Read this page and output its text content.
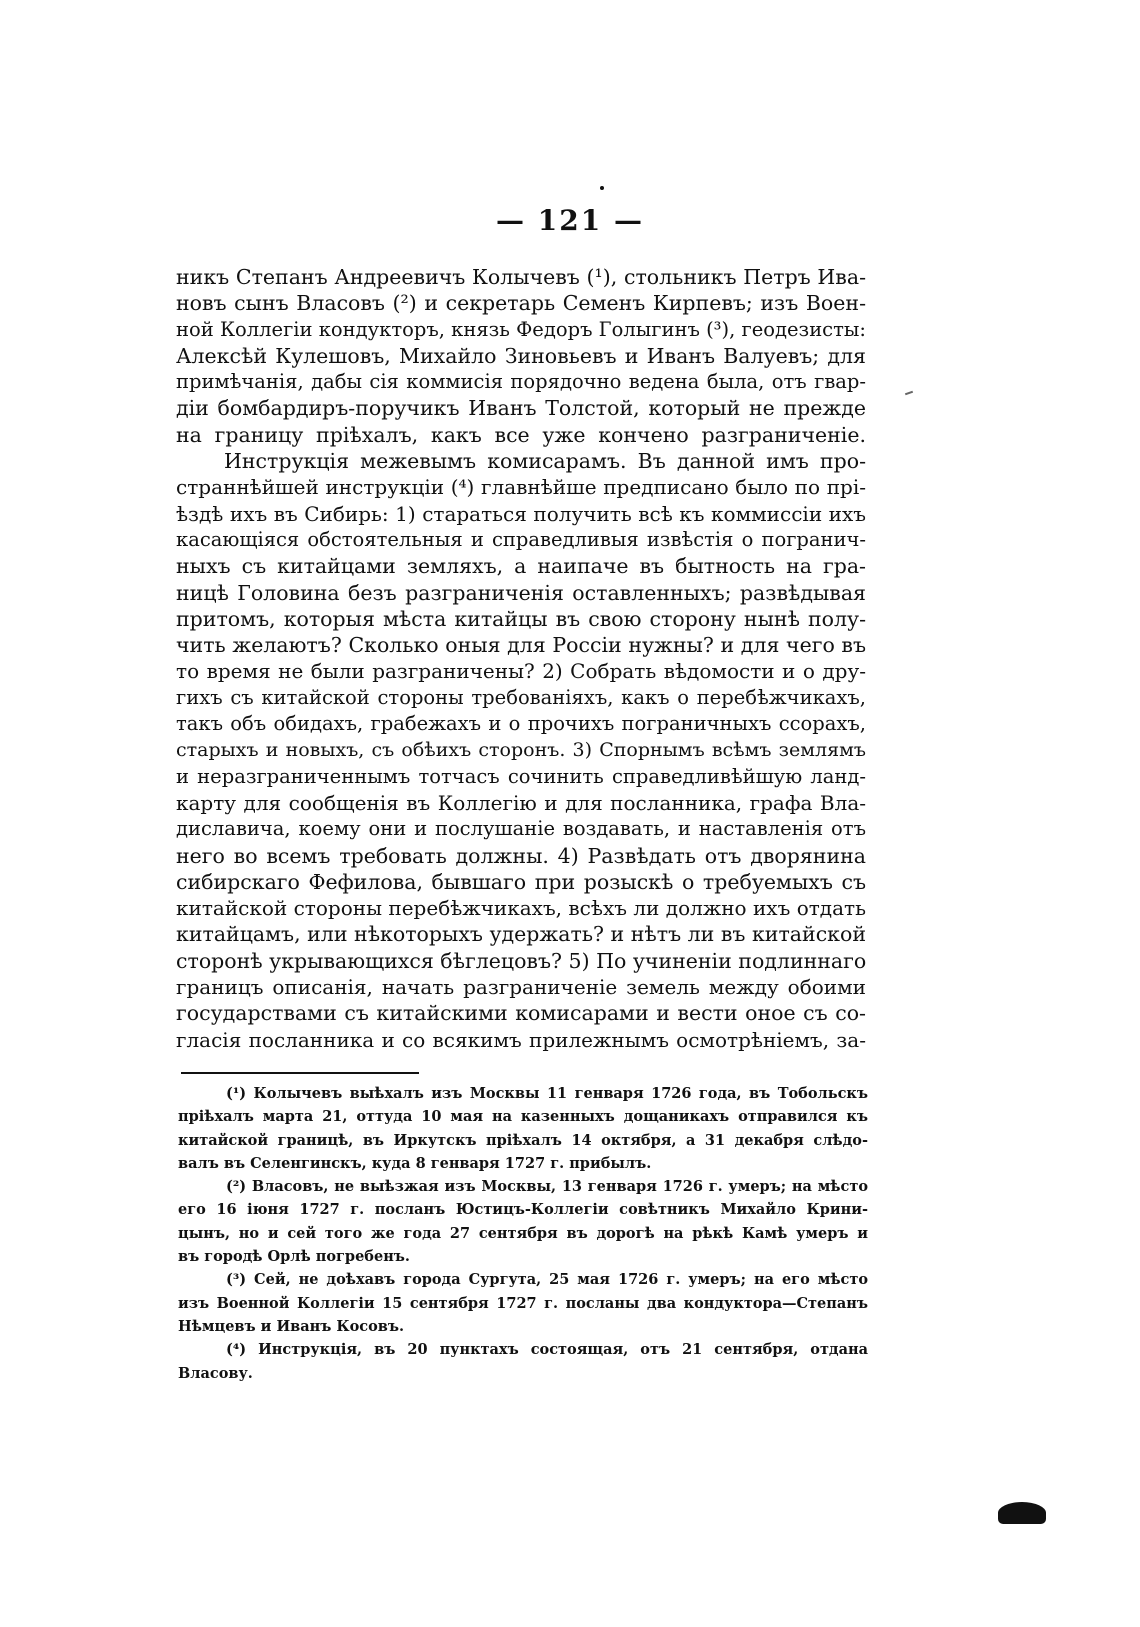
— 121 —
никъ Степанъ Андреевичъ Колычевъ (¹), стольникъ Петръ Ива-
новъ сынъ Власовъ (²) и секретарь Семенъ Кирпевъ; изъ Воен-
ной Коллегіи кондукторъ, князь Федоръ Голыгинъ (³), геодезисты:
Алексѣй Кулешовъ, Михайло Зиновьевъ и Иванъ Валуевъ; для
примѣчанія, дабы сія коммисія порядочно ведена была, отъ гвар-
діи бомбардиръ-поручикъ Иванъ Толстой, который не прежде
на границу пріѣхалъ, какъ все уже кончено разграниченіе.
Инструкція межевымъ комисарамъ. Въ данной имъ про-
страннѣйшей инструкціи (⁴) главнѣйше предписано было по прі-
ѣздѣ ихъ въ Сибирь: 1) стараться получить всѣ къ коммиссіи ихъ
касающіяся обстоятельныя и справедливыя извѣстія о погранич-
ныхъ съ китайцами земляхъ, а наипаче въ бытность на гра-
ницѣ Головина безъ разграниченія оставленныхъ; развѣдывая
притомъ, которыя мѣста китайцы въ свою сторону нынѣ полу-
чить желаютъ? Сколько оныя для Россіи нужны? и для чего въ
то время не были разграничены? 2) Собрать вѣдомости и о дру-
гихъ съ китайской стороны требованіяхъ, какъ о перебѣжчикахъ,
такъ объ обидахъ, грабежахъ и о прочихъ пограничныхъ ссорахъ,
старыхъ и новыхъ, съ обѣихъ сторонъ. 3) Спорнымъ всѣмъ землямъ
и неразграниченнымъ тотчасъ сочинить справедливѣйшую ланд-
карту для сообщенія въ Коллегію и для посланника, графа Вла-
диславича, коему они и послушаніе воздавать, и наставленія отъ
него во всемъ требовать должны. 4) Развѣдать отъ дворянина
сибирскаго Фефилова, бывшаго при розыскѣ о требуемыхъ съ
китайской стороны перебѣжчикахъ, всѣхъ ли должно ихъ отдать
китайцамъ, или нѣкоторыхъ удержать? и нѣтъ ли въ китайской
сторонѣ укрывающихся бѣглецовъ? 5) По учиненіи подлиннаго
границъ описанія, начать разграниченіе земель между обоими
государствами съ китайскими комисарами и вести оное съ со-
гласія посланника и со всякимъ прилежнымъ осмотрѣніемъ, за-
(¹) Колычевъ выѣхалъ изъ Москвы 11 генваря 1726 года, въ Тобольскъ
пріѣхалъ марта 21, оттуда 10 мая на казенныхъ дощаникахъ отправился къ
китайской границѣ, въ Иркутскъ пріѣхалъ 14 октября, а 31 декабря слѣдо-
валъ въ Селенгинскъ, куда 8 генваря 1727 г. прибылъ.
(²) Власовъ, не выѣзжая изъ Москвы, 13 генваря 1726 г. умеръ; на мѣсто
его 16 іюня 1727 г. посланъ Юстицъ-Коллегіи совѣтникъ Михайло Крини-
цынъ, но и сей того же года 27 сентября въ дорогѣ на рѣкѣ Камѣ умеръ и
въ городѣ Орлѣ погребенъ.
(³) Сей, не доѣхавъ города Сургута, 25 мая 1726 г. умеръ; на его мѣсто
изъ Военной Коллегіи 15 сентября 1727 г. посланы два кондуктора—Степанъ
Нѣмцевъ и Иванъ Косовъ.
(⁴) Инструкція, въ 20 пунктахъ состоящая, отъ 21 сентября, отдана
Власову.
